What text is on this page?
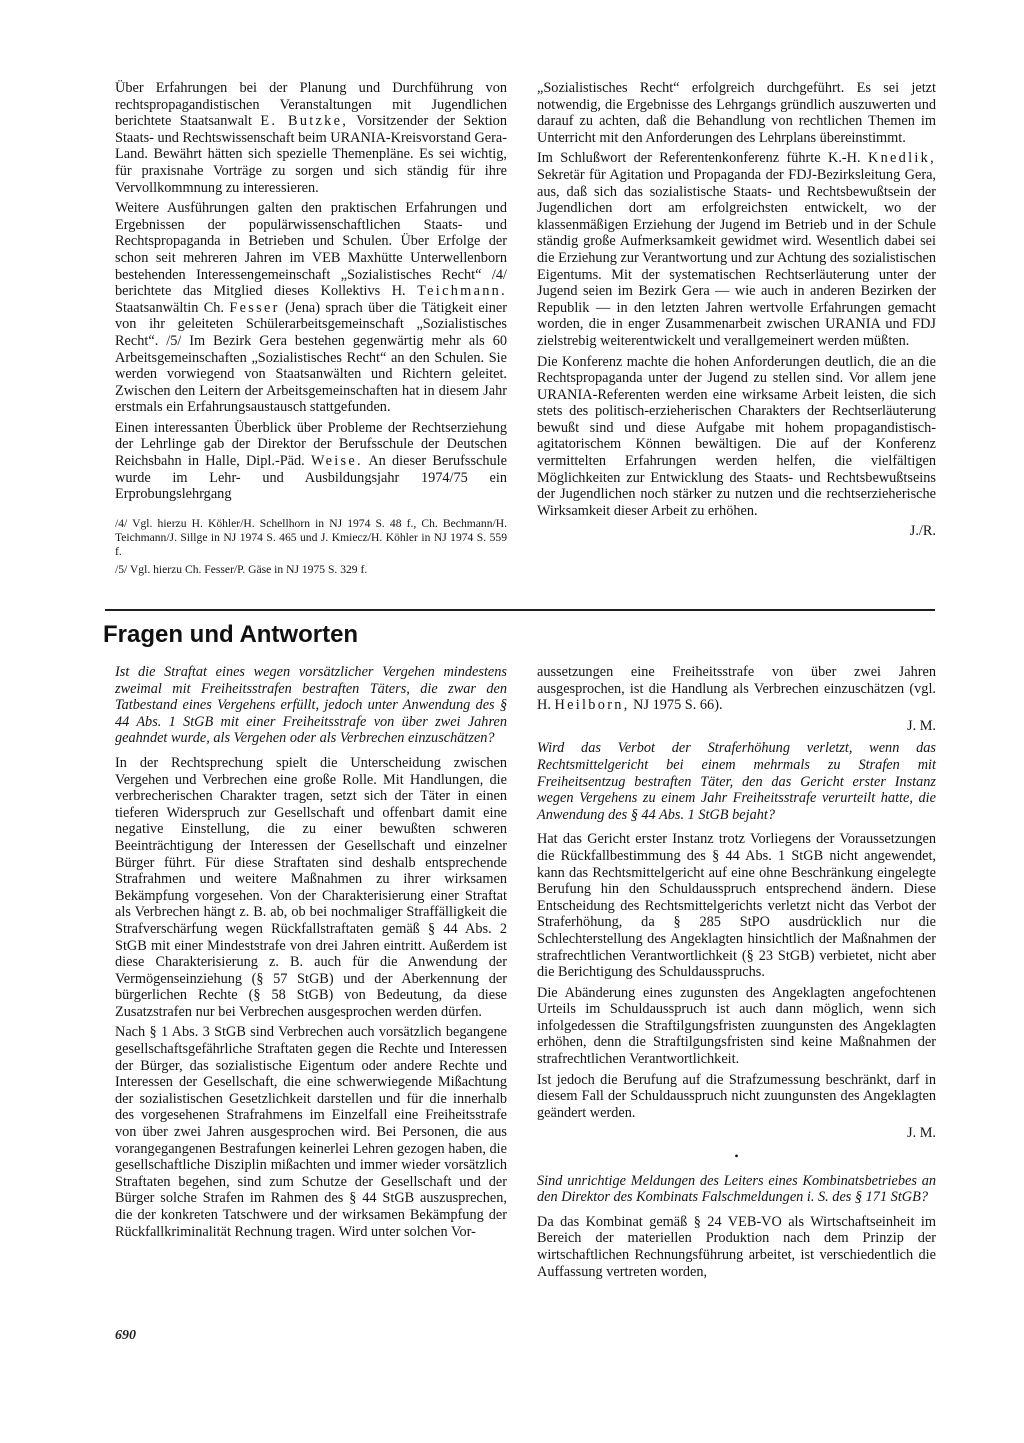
Über Erfahrungen bei der Planung und Durchführung von rechtspropagandistischen Veranstaltungen mit Jugendlichen berichtete Staatsanwalt E. Butzke, Vorsitzender der Sektion Staats- und Rechtswissenschaft beim URANIA-Kreisvorstand Gera-Land. Bewährt hätten sich spezielle Themenpläne. Es sei wichtig, für praxisnahe Vorträge zu sorgen und sich ständig für ihre Vervollkommnung zu interessieren.

Weitere Ausführungen galten den praktischen Erfahrungen und Ergebnissen der populärwissenschaftlichen Staats- und Rechtspropaganda in Betrieben und Schulen. Über Erfolge der schon seit mehreren Jahren im VEB Maxhütte Unterwellenborn bestehenden Interessengemeinschaft „Sozialistisches Recht“ /4/ berichtete das Mitglied dieses Kollektivs H. Teichmann. Staatsanwältin Ch. Fesser (Jena) sprach über die Tätigkeit einer von ihr geleiteten Schülerarbeitsgemeinschaft „Sozialistisches Recht“. /5/ Im Bezirk Gera bestehen gegenwärtig mehr als 60 Arbeitsgemeinschaften „Sozialistisches Recht“ an den Schulen. Sie werden vorwiegend von Staatsanwälten und Richtern geleitet. Zwischen den Leitern der Arbeitsgemeinschaften hat in diesem Jahr erstmals ein Erfahrungsaustausch stattgefunden.

Einen interessanten Überblick über Probleme der Rechtserziehung der Lehrlinge gab der Direktor der Berufsschule der Deutschen Reichsbahn in Halle, Dipl.-Päd. Weise. An dieser Berufsschule wurde im Lehr- und Ausbildungsjahr 1974/75 ein Erprobungslehrgang

/4/ Vgl. hierzu H. Köhler/H. Schellhorn in NJ 1974 S. 48 f., Ch. Bechmann/H. Teichmann/J. Sillge in NJ 1974 S. 465 und J. Kmiecz/H. Köhler in NJ 1974 S. 559 f.

/5/ Vgl. hierzu Ch. Fesser/P. Gäse in NJ 1975 S. 329 f.

„Sozialistisches Recht“ erfolgreich durchgeführt. Es sei jetzt notwendig, die Ergebnisse des Lehrgangs gründlich auszuwerten und darauf zu achten, daß die Behandlung von rechtlichen Themen im Unterricht mit den Anforderungen des Lehrplans übereinstimmt.

Im Schlußwort der Referentenkonferenz führte K.-H. Knedlik, Sekretär für Agitation und Propaganda der FDJ-Bezirksleitung Gera, aus, daß sich das sozialistische Staats- und Rechtsbewußtsein der Jugendlichen dort am erfolgreichsten entwickelt, wo der klassenmäßigen Erziehung der Jugend im Betrieb und in der Schule ständig große Aufmerksamkeit gewidmet wird. Wesentlich dabei sei die Erziehung zur Verantwortung und zur Achtung des sozialistischen Eigentums. Mit der systematischen Rechtserläuterung unter der Jugend seien im Bezirk Gera — wie auch in anderen Bezirken der Republik — in den letzten Jahren wertvolle Erfahrungen gemacht worden, die in enger Zusammenarbeit zwischen URANIA und FDJ zielstrebig weiterentwickelt und verallgemeinert werden müßten.

Die Konferenz machte die hohen Anforderungen deutlich, die an die Rechtspropaganda unter der Jugend zu stellen sind. Vor allem jene URANIA-Referenten werden eine wirksame Arbeit leisten, die sich stets des politisch-erzieherischen Charakters der Rechtserläuterung bewußt sind und diese Aufgabe mit hohem propagandistisch-agitatorischem Können bewältigen. Die auf der Konferenz vermittelten Erfahrungen werden helfen, die vielfältigen Möglichkeiten zur Entwicklung des Staats- und Rechtsbewußtseins der Jugendlichen noch stärker zu nutzen und die rechtserzieherische Wirksamkeit dieser Arbeit zu erhöhen.

J./R.

Fragen und Antworten

Ist die Straftat eines wegen vorsätzlicher Vergehen mindestens zweimal mit Freiheitsstrafen bestraften Täters, die zwar den Tatbestand eines Vergehens erfüllt, jedoch unter Anwendung des § 44 Abs. 1 StGB mit einer Freiheitsstrafe von über zwei Jahren geahndet wurde, als Vergehen oder als Verbrechen einzuschätzen?

In der Rechtsprechung spielt die Unterscheidung zwischen Vergehen und Verbrechen eine große Rolle. Mit Handlungen, die verbrecherischen Charakter tragen, setzt sich der Täter in einen tieferen Widerspruch zur Gesellschaft und offenbart damit eine negative Einstellung, die zu einer bewußten schweren Beeinträchtigung der Interessen der Gesellschaft und einzelner Bürger führt. Für diese Straftaten sind deshalb entsprechende Strafrahmen und weitere Maßnahmen zu ihrer wirksamen Bekämpfung vorgesehen. Von der Charakterisierung einer Straftat als Verbrechen hängt z. B. ab, ob bei nochmaliger Straffälligkeit die Strafverschärfung wegen Rückfallstraftaten gemäß § 44 Abs. 2 StGB mit einer Mindeststrafe von drei Jahren eintritt. Außerdem ist diese Charakterisierung z. B. auch für die Anwendung der Vermögenseinziehung (§ 57 StGB) und der Aberkennung der bürgerlichen Rechte (§ 58 StGB) von Bedeutung, da diese Zusatzstrafen nur bei Verbrechen ausgesprochen werden dürfen.

Nach § 1 Abs. 3 StGB sind Verbrechen auch vorsätzlich begangene gesellschaftsgefährliche Straftaten gegen die Rechte und Interessen der Bürger, das sozialistische Eigentum oder andere Rechte und Interessen der Gesellschaft, die eine schwerwiegende Mißachtung der sozialistischen Gesetzlichkeit darstellen und für die innerhalb des vorgesehenen Strafrahmens im Einzelfall eine Freiheitsstrafe von über zwei Jahren ausgesprochen wird. Bei Personen, die aus vorangegangenen Bestrafungen keinerlei Lehren gezogen haben, die gesellschaftliche Disziplin mißachten und immer wieder vorsätzlich Straftaten begehen, sind zum Schutze der Gesellschaft und der Bürger solche Strafen im Rahmen des § 44 StGB auszusprechen, die der konkreten Tatschwere und der wirksamen Bekämpfung der Rückfallkriminalität Rechnung tragen. Wird unter solchen Vor-

aussetzungen eine Freiheitsstrafe von über zwei Jahren ausgesprochen, ist die Handlung als Verbrechen einzuschätzen (vgl. H. Heilborn, NJ 1975 S. 66).

J. M.

Wird das Verbot der Straferhöhung verletzt, wenn das Rechtsmittelgericht bei einem mehrmals zu Strafen mit Freiheitsentzug bestraften Täter, den das Gericht erster Instanz wegen Vergehens zu einem Jahr Freiheitsstrafe verurteilt hatte, die Anwendung des § 44 Abs. 1 StGB bejaht?

Hat das Gericht erster Instanz trotz Vorliegens der Voraussetzungen die Rückfallbestimmung des § 44 Abs. 1 StGB nicht angewendet, kann das Rechtsmittelgericht auf eine ohne Beschränkung eingelegte Berufung hin den Schuldausspruch entsprechend ändern. Diese Entscheidung des Rechtsmittelgerichts verletzt nicht das Verbot der Straferhöhung, da § 285 StPO ausdrücklich nur die Schlechterstellung des Angeklagten hinsichtlich der Maßnahmen der strafrechtlichen Verantwortlichkeit (§ 23 StGB) verbietet, nicht aber die Berichtigung des Schuldausspruchs.

Die Abänderung eines zugunsten des Angeklagten angefochtenen Urteils im Schuldausspruch ist auch dann möglich, wenn sich infolgedessen die Straftilgungsfristen zuungunsten des Angeklagten erhöhen, denn die Straftilgungsfristen sind keine Maßnahmen der strafrechtlichen Verantwortlichkeit.

Ist jedoch die Berufung auf die Strafzumessung beschränkt, darf in diesem Fall der Schuldausspruch nicht zuungunsten des Angeklagten geändert werden.

J. M.

•

Sind unrichtige Meldungen des Leiters eines Kombinatsbetriebes an den Direktor des Kombinats Falschmeldungen i. S. des § 171 StGB?

Da das Kombinat gemäß § 24 VEB-VO als Wirtschaftseinheit im Bereich der materiellen Produktion nach dem Prinzip der wirtschaftlichen Rechnungsführung arbeitet, ist verschiedentlich die Auffassung vertreten worden,

690
